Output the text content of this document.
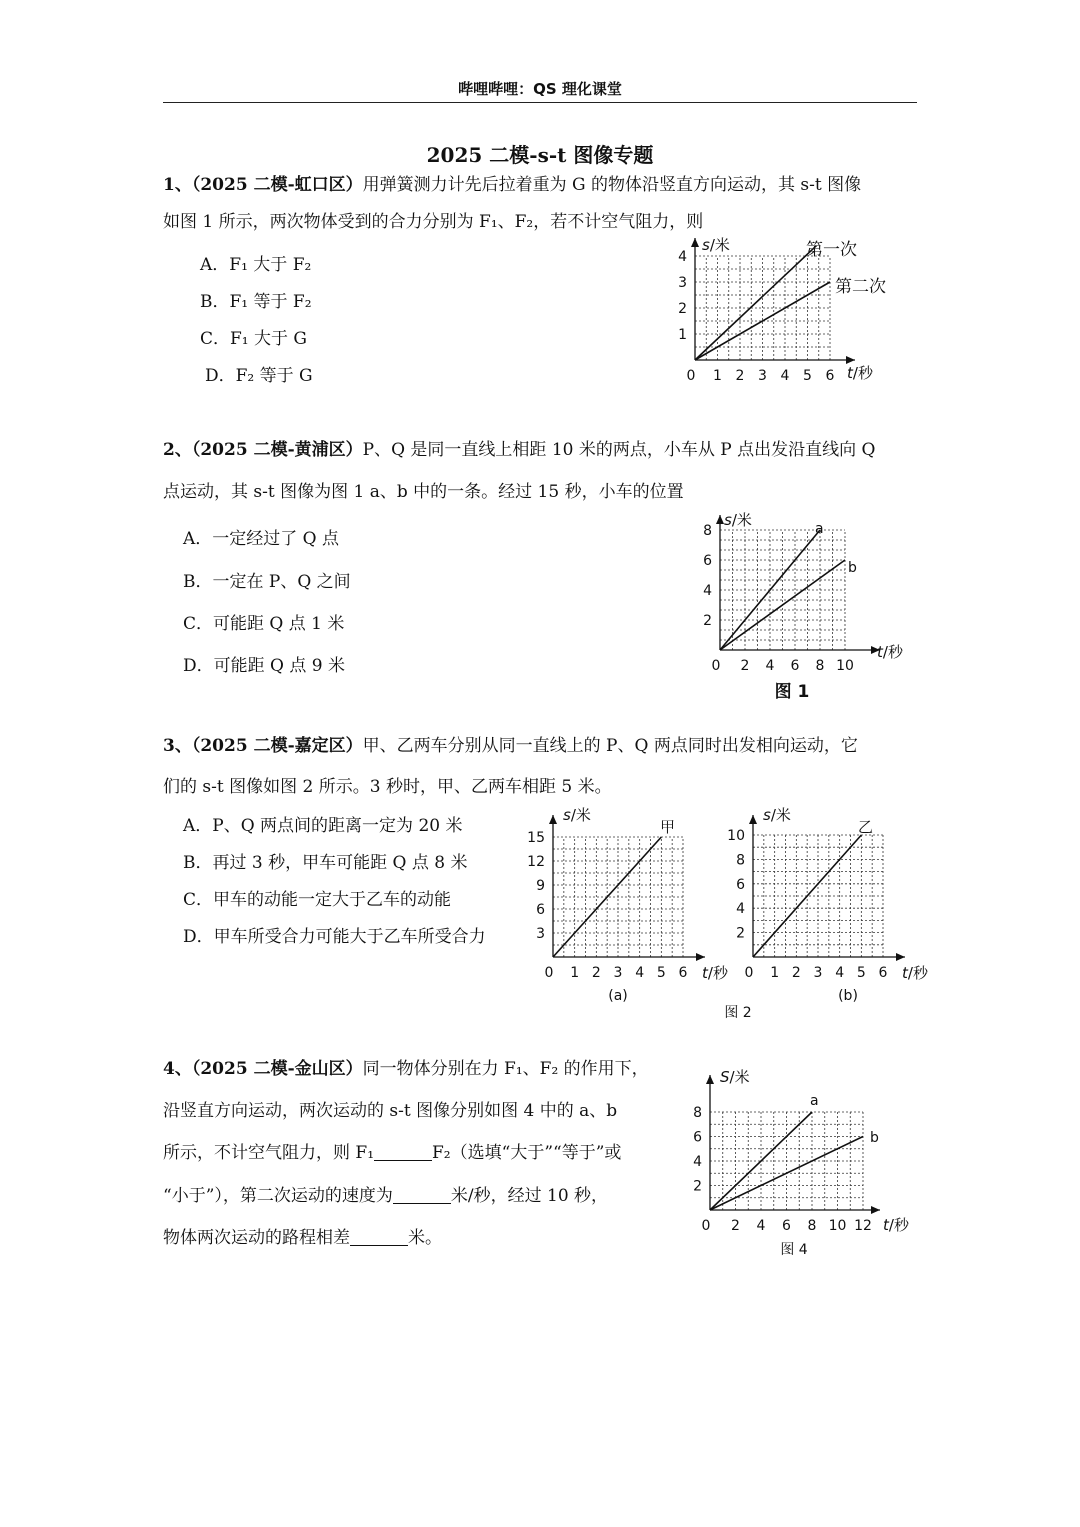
哔哩哔哩：QS 理化课堂
2025 二模-s-t 图像专题
1、（2025 二模-虹口区）用弹簧测力计先后拉着重为 G 的物体沿竖直方向运动，其 s-t 图像
如图 1 所示，两次物体受到的合力分别为 F₁、F₂，若不计空气阻力，则
A．F₁ 大于 F₂
B．F₁ 等于 F₂
C．F₁ 大于 G
D．F₂ 等于 G
2、（2025 二模-黄浦区）P、Q 是同一直线上相距 10 米的两点，小车从 P 点出发沿直线向 Q
点运动，其 s-t 图像为图 1 a、b 中的一条。经过 15 秒，小车的位置
A．一定经过了 Q 点
B．一定在 P、Q 之间
C．可能距 Q 点 1 米
D．可能距 Q 点 9 米
3、（2025 二模-嘉定区）甲、乙两车分别从同一直线上的 P、Q 两点同时出发相向运动，它
们的 s-t 图像如图 2 所示。3 秒时，甲、乙两车相距 5 米。
A．P、Q 两点间的距离一定为 20 米
B．再过 3 秒，甲车可能距 Q 点 8 米
C．甲车的动能一定大于乙车的动能
D．甲车所受合力可能大于乙车所受合力
4、（2025 二模-金山区）同一物体分别在力 F₁、F₂ 的作用下，
沿竖直方向运动，两次运动的 s-t 图像分别如图 4 中的 a、b
所示，不计空气阻力，则 F₁	F₂（选填“大于”“等于”或
“小于”），第二次运动的速度为	米/秒，经过 10 秒，
物体两次运动的路程相差	米。
0 1 2 3 4 5 6
1
2
3
4	第一次
第二次
s/米
t/秒
0 2 4 6 8 10
2
4
6
8	a
b
s/米
t/秒
图 1
0 1 2 3 4 5 6
3
6
9
12
15
甲
s/米
t/秒
(a)
0 1 2 3 4 5 6
2
4
6
8
10	乙
s/米
t/秒
(b)
图 2
0 2 4 6 8 10 12
2
4
6
8
a
b
S/米
t/秒
图 4
